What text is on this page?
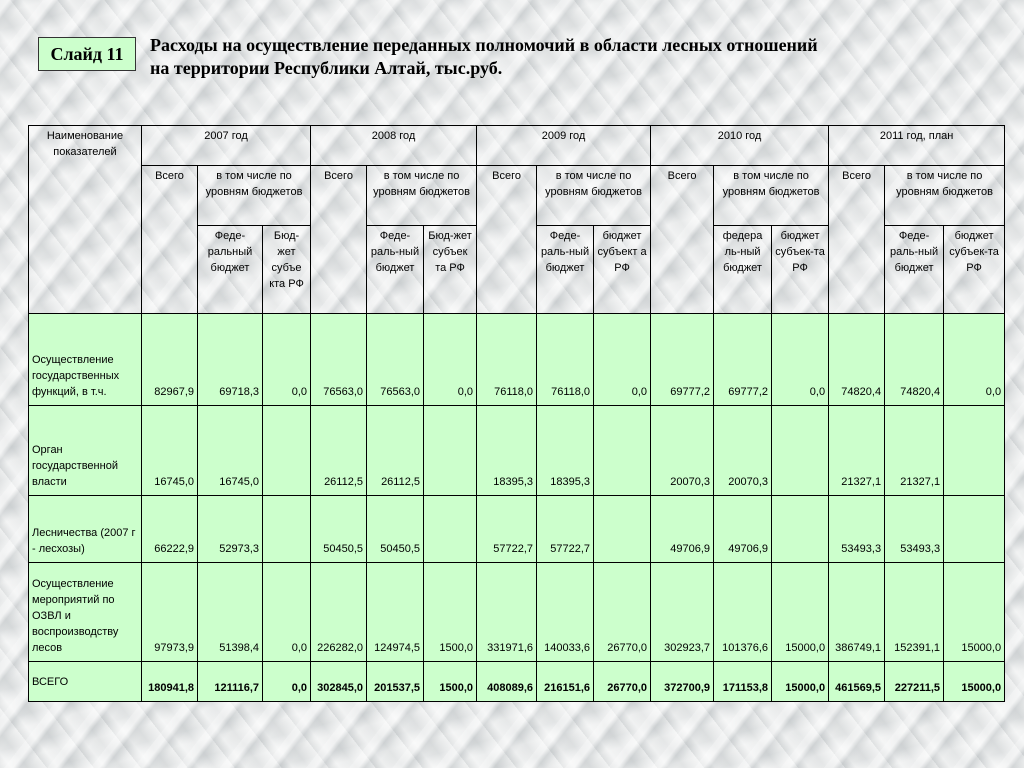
Слайд 11	Расходы на осуществление переданных полномочий в области лесных отношений
на территории Республики Алтай, тыс.руб.
Наименование показателей	2007 год			2008 год			2009 год			2010 год			2011 год, план		
	Всего	в том числе по уровням бюджетов		Всего	в том числе по уровням бюджетов		Всего	в том числе по уровням бюджетов		Всего	в том числе по уровням бюджетов		Всего	в том числе по уровням бюджетов	
		Феде-ральный бюджет	Бюд-жет субъе кта РФ		Феде-раль-ный бюджет	Бюд-жет субъек та РФ		Феде-раль-ный бюджет	бюджет субъект а РФ		федера ль-ный бюджет	бюджет субъек-та РФ		Феде-раль-ный бюджет	бюджет субъек-та РФ
Осуществление государственных функций, в т.ч.	82967,9	69718,3	0,0	76563,0	76563,0	0,0	76118,0	76118,0	0,0	69777,2	69777,2	0,0	74820,4	74820,4	0,0
Орган государственной власти	16745,0	16745,0		26112,5	26112,5		18395,3	18395,3		20070,3	20070,3		21327,1	21327,1	
Лесничества (2007 г - лесхозы)	66222,9	52973,3		50450,5	50450,5		57722,7	57722,7		49706,9	49706,9		53493,3	53493,3	
Осуществление мероприятий по ОЗВЛ и воспроизводству лесов	97973,9	51398,4	0,0	226282,0	124974,5	1500,0	331971,6	140033,6	26770,0	302923,7	101376,6	15000,0	386749,1	152391,1	15000,0
ВСЕГО	180941,8	121116,7	0,0	302845,0	201537,5	1500,0	408089,6	216151,6	26770,0	372700,9	171153,8	15000,0	461569,5	227211,5	15000,0
